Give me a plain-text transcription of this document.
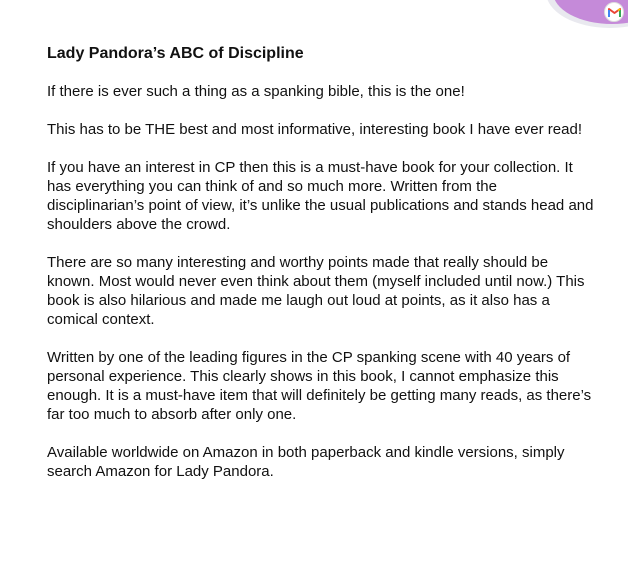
Lady Pandora’s ABC of Discipline

If there is ever such a thing as a spanking bible, this is the one!

This has to be THE best and most informative, interesting book I have ever read!

If you have an interest in CP then this is a must-have book for your collection. It has everything you can think of and so much more. Written from the disciplinarian’s point of view, it’s unlike the usual publications and stands head and shoulders above the crowd.

There are so many interesting and worthy points made that really should be known. Most would never even think about them (myself included until now.) This book is also hilarious and made me laugh out loud at points, as it also has a comical context.

Written by one of the leading figures in the CP spanking scene with 40 years of personal experience. This clearly shows in this book, I cannot emphasize this enough. It is a must-have item that will definitely be getting many reads, as there’s far too much to absorb after only one.

Available worldwide on Amazon in both paperback and kindle versions, simply search Amazon for Lady Pandora.
